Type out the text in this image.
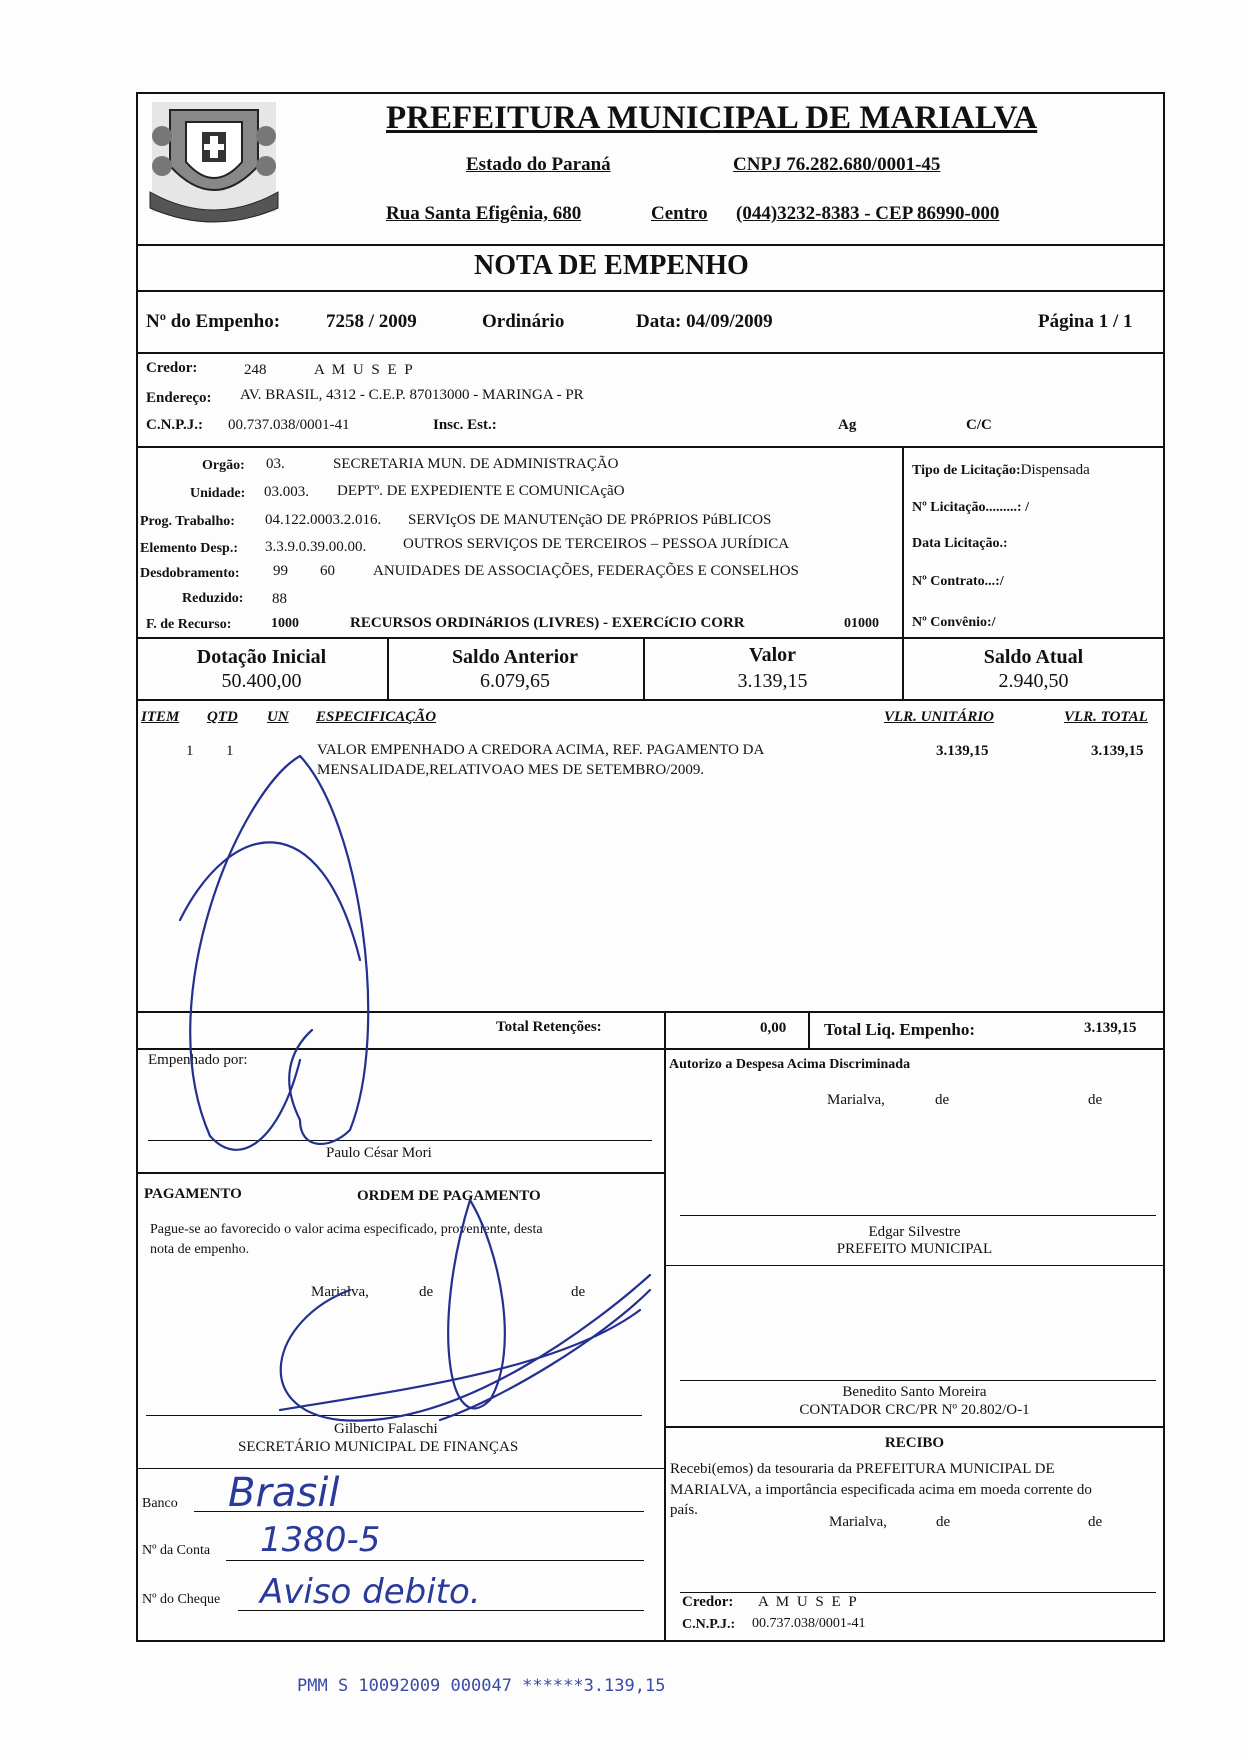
PREFEITURA MUNICIPAL DE MARIALVA
Estado do Paraná	CNPJ 76.282.680/0001-45
Rua Santa Efigênia, 680	Centro (044)3232-8383 - CEP 86990-000
NOTA DE EMPENHO
Nº do Empenho: 7258 / 2009	Ordinário	Data: 04/09/2009	Página 1 / 1
Credor:	248	A M U S E P
Endereço: AV. BRASIL, 4312 - C.E.P. 87013000 - MARINGA - PR
C.N.P.J.: 00.737.038/0001-41	Insc. Est.:	Ag	C/C
Orgão: 03.	SECRETARIA MUN. DE ADMINISTRAÇÃO
Unidade: 03.003. DEPTº. DE EXPEDIENTE E COMUNICAçãO
Prog. Trabalho: 04.122.0003.2.016. SERVIçOS DE MANUTENçãO DE PRóPRIOS PúBLICOS
Elemento Desp.: 3.3.9.0.39.00.00. OUTROS SERVIÇOS DE TERCEIROS – PESSOA JURÍDICA
Desdobramento: 99 60	ANUIDADES DE ASSOCIAÇÕES, FEDERAÇÕES E CONSELHOS
Reduzido: 88
F. de Recurso:	1000	RECURSOS ORDINáRIOS (LIVRES) - EXERCíCIO CORR	01000
Tipo de Licitação:Dispensada
Nº Licitação.........: /
Data Licitação.:
Nº Contrato...:/
Nº Convênio:/
Dotação Inicial
50.400,00
Saldo Anterior
6.079,65
Valor
3.139,15
Saldo Atual
2.940,50
ITEM QTD UN ESPECIFICAÇÃO	VLR. UNITÁRIO	VLR. TOTAL
1 1	VALOR EMPENHADO A CREDORA ACIMA, REF. PAGAMENTO DA
MENSALIDADE,RELATIVOAO MES DE SETEMBRO/2009.
3.139,15	3.139,15
Total Retenções:	0,00 Total Liq. Empenho:	3.139,15
Empenhado por:
Paulo César Mori
PAGAMENTO	ORDEM DE PAGAMENTO
Pague-se ao favorecido o valor acima especificado, proveniente, desta
nota de empenho.
Marialva,	de	de
Gilberto Falaschi
SECRETÁRIO MUNICIPAL DE FINANÇAS
Banco Brasil
Nº da Conta 1380-5
Nº do Cheque Aviso debito.
Autorizo a Despesa Acima Discriminada
Marialva,	de	de
Edgar Silvestre
PREFEITO MUNICIPAL
Benedito Santo Moreira
CONTADOR CRC/PR Nº 20.802/O-1
RECIBO
Recebi(emos) da tesouraria da PREFEITURA MUNICIPAL DE
MARIALVA, a importância especificada acima em moeda corrente do
país.
Marialva,	de	de
Credor: A M U S E P
C.N.P.J.: 00.737.038/0001-41
PMM S 10092009 000047 ******3.139,15
